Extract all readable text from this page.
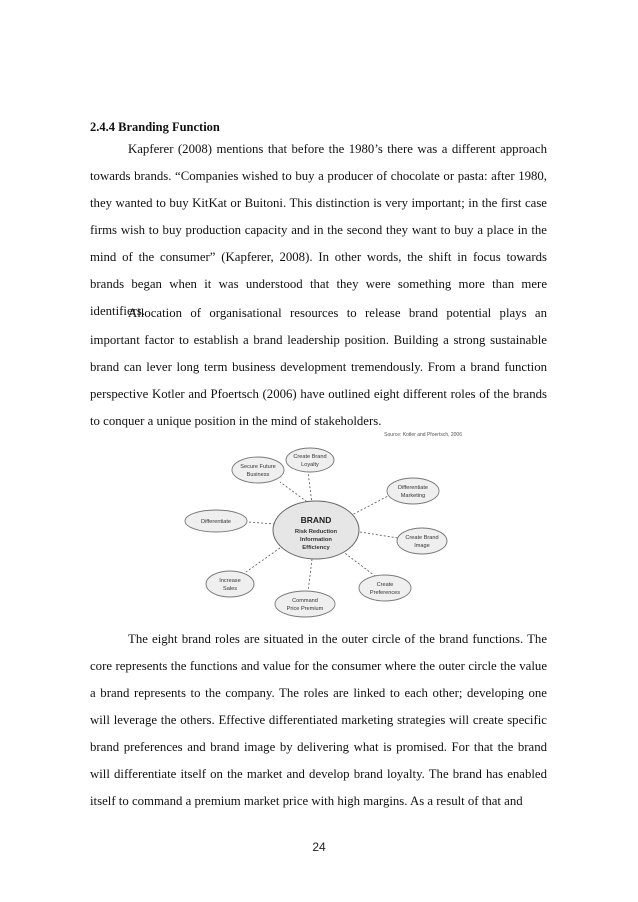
2.4.4 Branding Function

Kapferer (2008) mentions that before the 1980’s there was a different approach towards brands. “Companies wished to buy a producer of chocolate or pasta: after 1980, they wanted to buy KitKat or Buitoni. This distinction is very important; in the first case firms wish to buy production capacity and in the second they want to buy a place in the mind of the consumer” (Kapferer, 2008). In other words, the shift in focus towards brands began when it was understood that they were something more than mere identifiers.

Allocation of organisational resources to release brand potential plays an important factor to establish a brand leadership position. Building a strong sustainable brand can lever long term business development tremendously. From a brand function perspective Kotler and Pfoertsch (2006) have outlined eight different roles of the brands to conquer a unique position in the mind of stakeholders.

BRAND
Risk Reduction
Information
Efficiency
Source: Kotler and Pfoertsch, 2006
Secure Future
Business
Create Brand
Loyalty
Differentiate
Marketing
Create Brand
Image
Create
Preferences
Command
Price Premium
Increase
Sales
Differentiate

The eight brand roles are situated in the outer circle of the brand functions. The core represents the functions and value for the consumer where the outer circle the value a brand represents to the company. The roles are linked to each other; developing one will leverage the others. Effective differentiated marketing strategies will create specific brand preferences and brand image by delivering what is promised. For that the brand will differentiate itself on the market and develop brand loyalty. The brand has enabled itself to command a premium market price with high margins. As a result of that and

24
